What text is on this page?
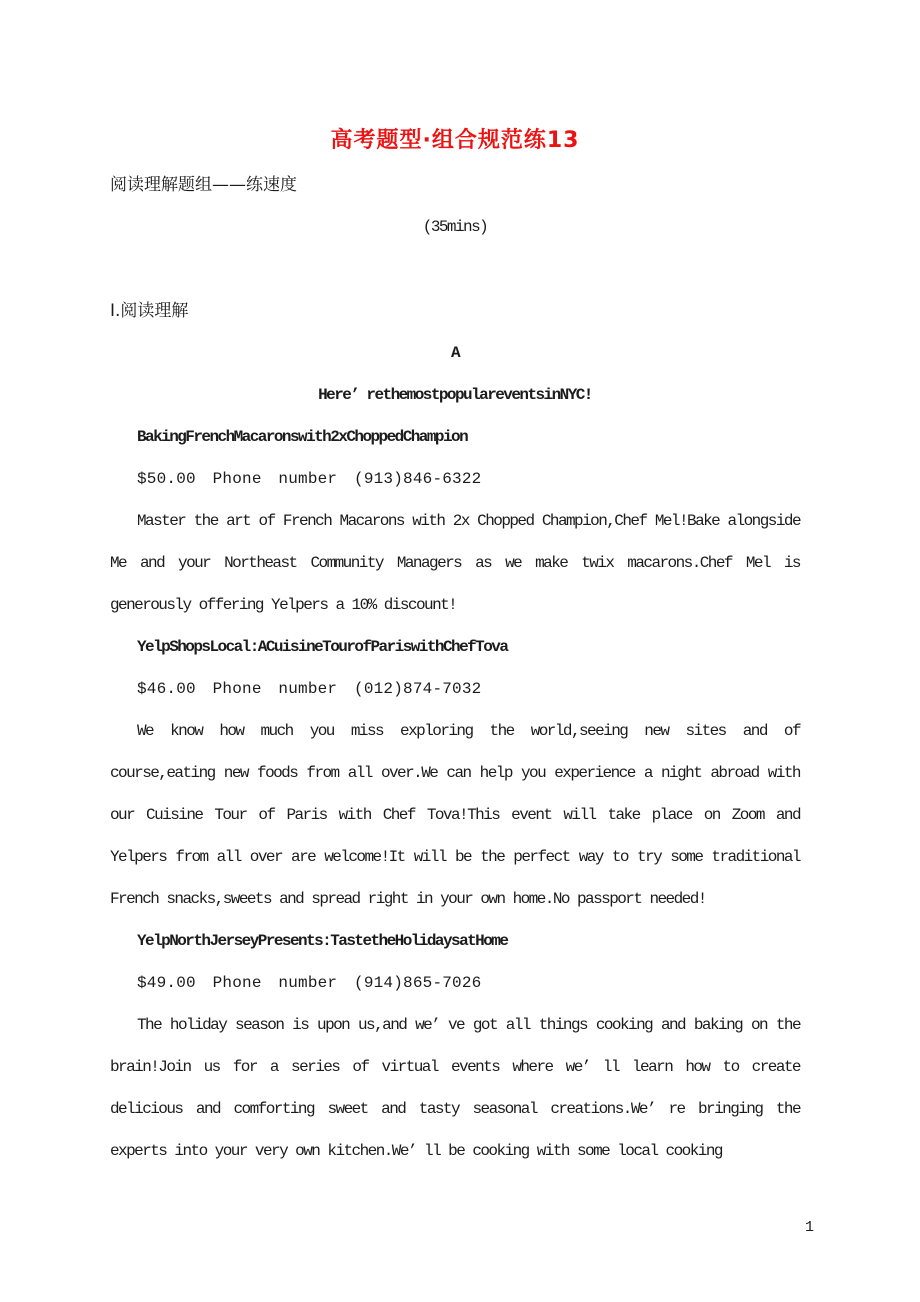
高考题型·组合规范练13
阅读理解题组——练速度
(35mins)
Ⅰ.阅读理解
A
Here’ rethemostpopulareventsinNYC!
BakingFrenchMacaronswith2xChoppedChampion
$50.00 Phone number (913)846-6322
Master the art of French Macarons with 2x Chopped Champion,Chef Mel!Bake alongside Me and your Northeast Community Managers as we make twix macarons.Chef Mel is generously offering Yelpers a 10% discount!
YelpShopsLocal:ACuisineTourofPariswithChefTova
$46.00 Phone number (012)874-7032
We know how much you miss exploring the world,seeing new sites and of course,eating new foods from all over.We can help you experience a night abroad with our Cuisine Tour of Paris with Chef Tova!This event will take place on Zoom and Yelpers from all over are welcome!It will be the perfect way to try some traditional French snacks,sweets and spread right in your own home.No passport needed!
YelpNorthJerseyPresents:TastetheHolidaysatHome
$49.00 Phone number (914)865-7026
The holiday season is upon us,and we’ ve got all things cooking and baking on the brain!Join us for a series of virtual events where we’ ll learn how to create delicious and comforting sweet and tasty seasonal creations.We’ re bringing the experts into your very own kitchen.We’ ll be cooking with some local cooking
1
